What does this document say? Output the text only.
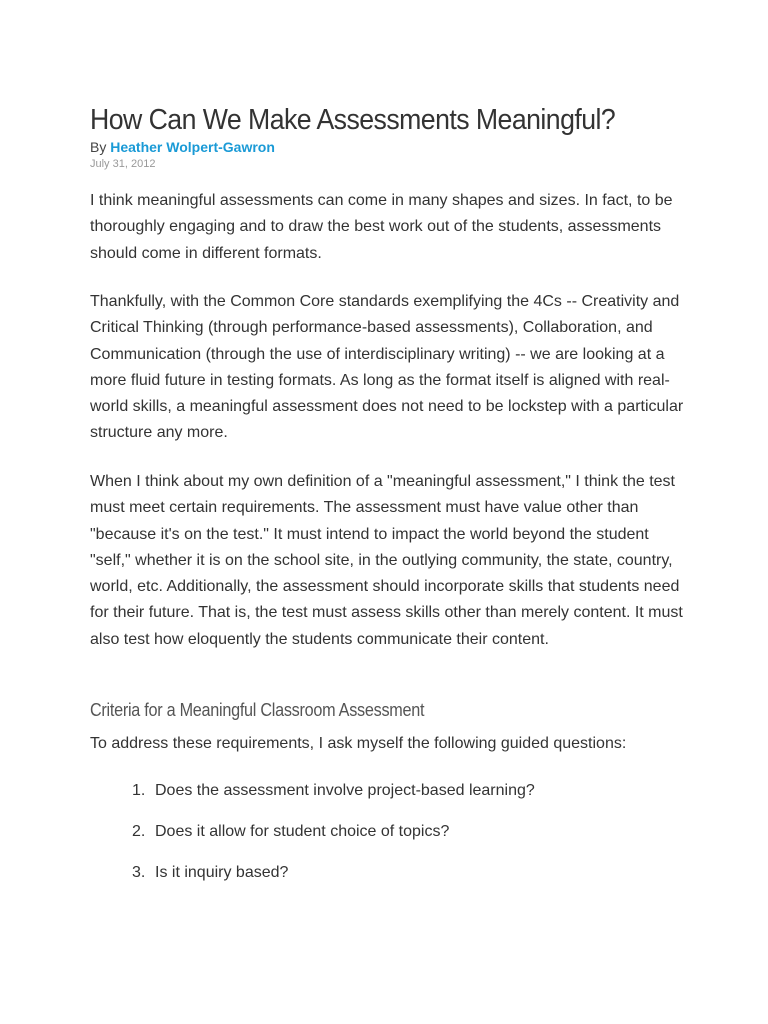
How Can We Make Assessments Meaningful?
By Heather Wolpert-Gawron
July 31, 2012

I think meaningful assessments can come in many shapes and sizes. In fact, to be thoroughly engaging and to draw the best work out of the students, assessments should come in different formats.

Thankfully, with the Common Core standards exemplifying the 4Cs -- Creativity and Critical Thinking (through performance-based assessments), Collaboration, and Communication (through the use of interdisciplinary writing) -- we are looking at a more fluid future in testing formats. As long as the format itself is aligned with real-world skills, a meaningful assessment does not need to be lockstep with a particular structure any more.

When I think about my own definition of a "meaningful assessment," I think the test must meet certain requirements. The assessment must have value other than "because it's on the test." It must intend to impact the world beyond the student "self," whether it is on the school site, in the outlying community, the state, country, world, etc. Additionally, the assessment should incorporate skills that students need for their future. That is, the test must assess skills other than merely content. It must also test how eloquently the students communicate their content.

Criteria for a Meaningful Classroom Assessment

To address these requirements, I ask myself the following guided questions:

1. Does the assessment involve project-based learning?
2. Does it allow for student choice of topics?
3. Is it inquiry based?
